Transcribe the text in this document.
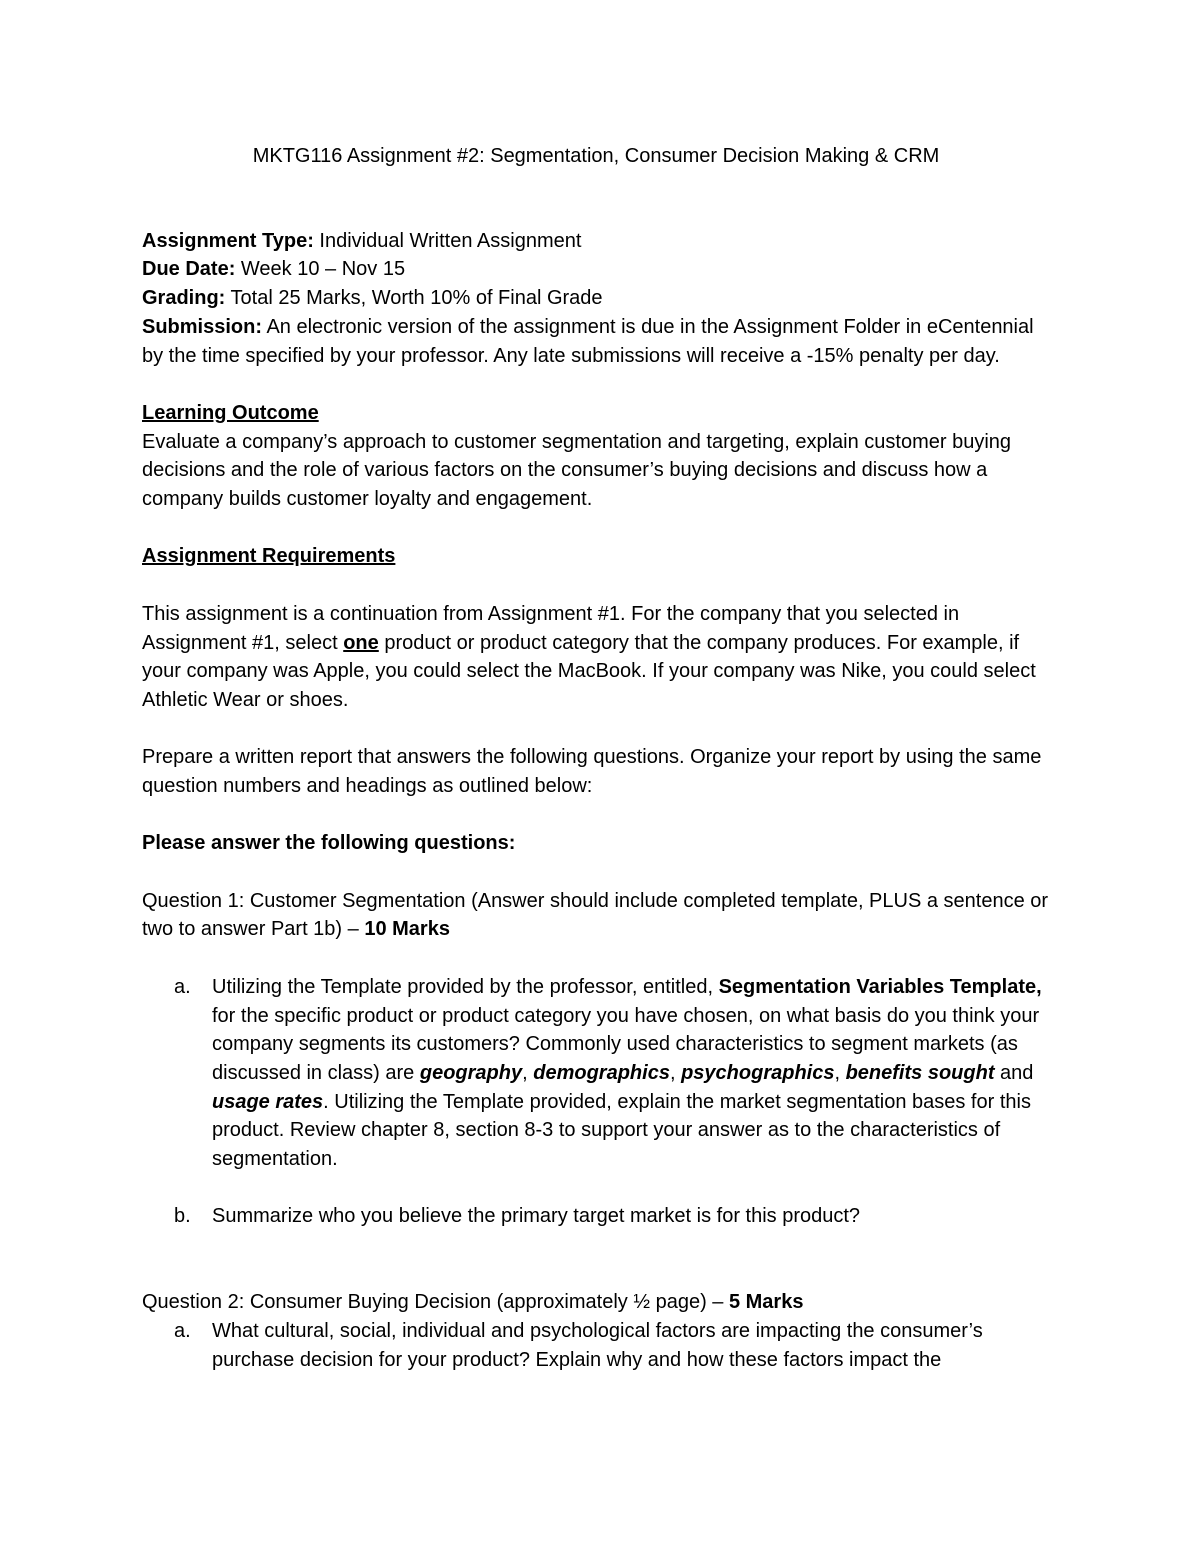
MKTG116 Assignment #2: Segmentation, Consumer Decision Making & CRM

Assignment Type: Individual Written Assignment

Due Date: Week 10 – Nov 15

Grading: Total 25 Marks, Worth 10% of Final Grade

Submission: An electronic version of the assignment is due in the Assignment Folder in eCentennial by the time specified by your professor. Any late submissions will receive a -15% penalty per day.

Learning Outcome

Evaluate a company’s approach to customer segmentation and targeting, explain customer buying decisions and the role of various factors on the consumer’s buying decisions and discuss how a company builds customer loyalty and engagement.

Assignment Requirements

This assignment is a continuation from Assignment #1. For the company that you selected in Assignment #1, select one product or product category that the company produces. For example, if your company was Apple, you could select the MacBook. If your company was Nike, you could select Athletic Wear or shoes.

Prepare a written report that answers the following questions. Organize your report by using the same question numbers and headings as outlined below:

Please answer the following questions:

Question 1: Customer Segmentation (Answer should include completed template, PLUS a sentence or two to answer Part 1b) – 10 Marks

a. Utilizing the Template provided by the professor, entitled, Segmentation Variables Template, for the specific product or product category you have chosen, on what basis do you think your company segments its customers? Commonly used characteristics to segment markets (as discussed in class) are geography, demographics, psychographics, benefits sought and usage rates. Utilizing the Template provided, explain the market segmentation bases for this product. Review chapter 8, section 8-3 to support your answer as to the characteristics of segmentation.
b. Summarize who you believe the primary target market is for this product?

Question 2: Consumer Buying Decision (approximately ½ page) – 5 Marks

a. What cultural, social, individual and psychological factors are impacting the consumer’s purchase decision for your product? Explain why and how these factors impact the
